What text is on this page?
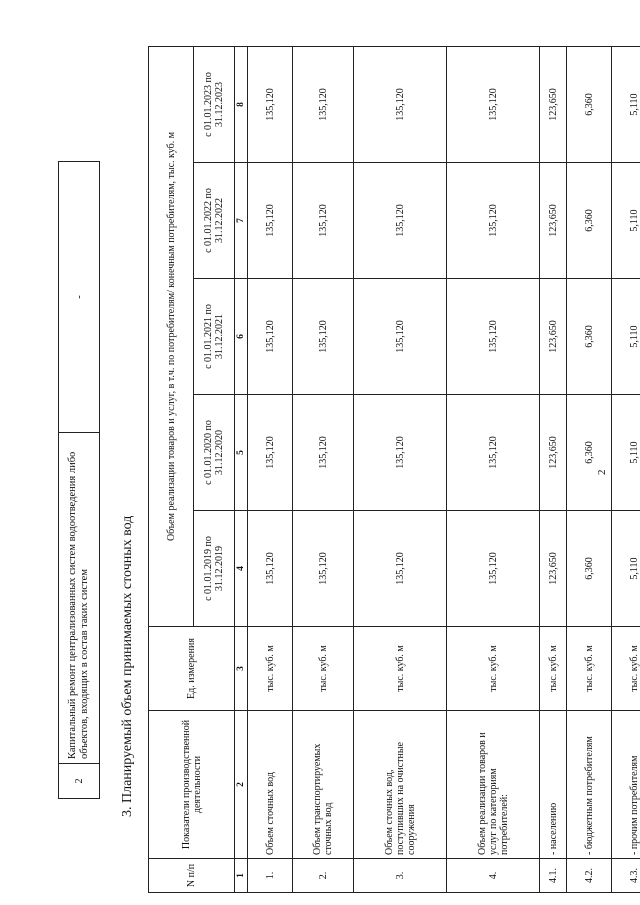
2
2	Капитальный ремонт централизованных систем водоотведения либо объектов, входящих в состав таких систем	-
3. Планируемый объем принимаемых сточных вод
N п/п	Показатели производственной деятельности	Ед. измерения	Объем реализации товаров и услуг, в т.ч. по потребителям/ конечным потребителям, тыс. куб. м				
			с 01.01.2019 по 31.12.2019	с 01.01.2020 по 31.12.2020	с 01.01.2021 по 31.12.2021	с 01.01.2022 по 31.12.2022	с 01.01.2023 по 31.12.2023
1	2	3	4	5	6	7	8
1.	Объем сточных вод	тыс. куб. м	135,120	135,120	135,120	135,120	135,120
2.	Объем транспортируемых сточных вод	тыс. куб. м	135,120	135,120	135,120	135,120	135,120
3.	Объем сточных вод, поступивших на очистные сооружения	тыс. куб. м	135,120	135,120	135,120	135,120	135,120
4.	Объем реализации товаров и услуг по категориям потребителей:	тыс. куб. м	135,120	135,120	135,120	135,120	135,120
4.1.	- населению	тыс. куб. м	123,650	123,650	123,650	123,650	123,650
4.2.	- бюджетным потребителям	тыс. куб. м	6,360	6,360	6,360	6,360	6,360
4.3.	- прочим потребителям	тыс. куб. м	5,110	5,110	5,110	5,110	5,110
